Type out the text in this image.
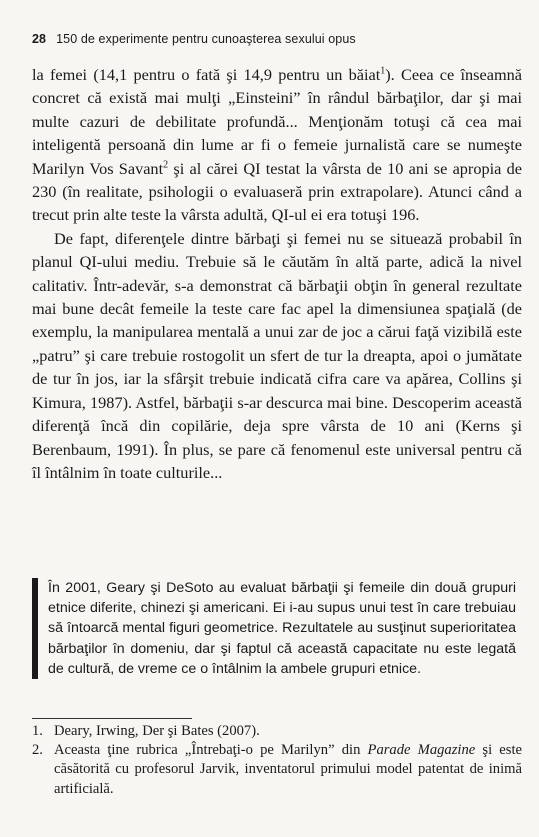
28 150 de experimente pentru cunoaşterea sexului opus

la femei (14,1 pentru o fată şi 14,9 pentru un băiat$^1$). Ceea ce înseamnă concret că există mai mulţi „Einsteini” în rândul bărbaţilor, dar şi mai multe cazuri de debilitate profundă... Menţionăm totuşi că cea mai inteligentă persoană din lume ar fi o femeie jurnalistă care se numeşte Marilyn Vos Savant$^2$ şi al cărei QI testat la vârsta de 10 ani se apropia de 230 (în realitate, psihologii o evaluaseră prin extrapolare). Atunci când a trecut prin alte teste la vârsta adultă, QI-ul ei era totuşi 196.

De fapt, diferenţele dintre bărbaţi şi femei nu se situează probabil în planul QI-ului mediu. Trebuie să le căutăm în altă parte, adică la nivel calitativ. Într-adevăr, s-a demonstrat că bărbaţii obţin în general rezultate mai bune decât femeile la teste care fac apel la dimensiunea spaţială (de exemplu, la manipularea mentală a unui zar de joc a cărui faţă vizibilă este „patru” şi care trebuie rostogolit un sfert de tur la dreapta, apoi o jumătate de tur în jos, iar la sfârşit trebuie indicată cifra care va apărea, Collins şi Kimura, 1987). Astfel, bărbaţii s-ar descurca mai bine. Descoperim această diferenţă încă din copilărie, deja spre vârsta de 10 ani (Kerns şi Berenbaum, 1991). În plus, se pare că fenomenul este universal pentru că îl întâlnim în toate culturile...

În 2001, Geary şi DeSoto au evaluat bărbaţii şi femeile din două grupuri etnice diferite, chinezi şi americani. Ei i-au supus unui test în care trebuiau să întoarcă mental figuri geometrice. Rezultatele au susţinut superioritatea bărbaţilor în domeniu, dar şi faptul că această capacitate nu este legată de cultură, de vreme ce o întâlnim la ambele grupuri etnice.

1. Deary, Irwing, Der şi Bates (2007).
2. Aceasta ţine rubrica „Întrebaţi-o pe Marilyn” din Parade Magazine şi este căsătorită cu profesorul Jarvik, inventatorul primului model patentat de inimă artificială.
